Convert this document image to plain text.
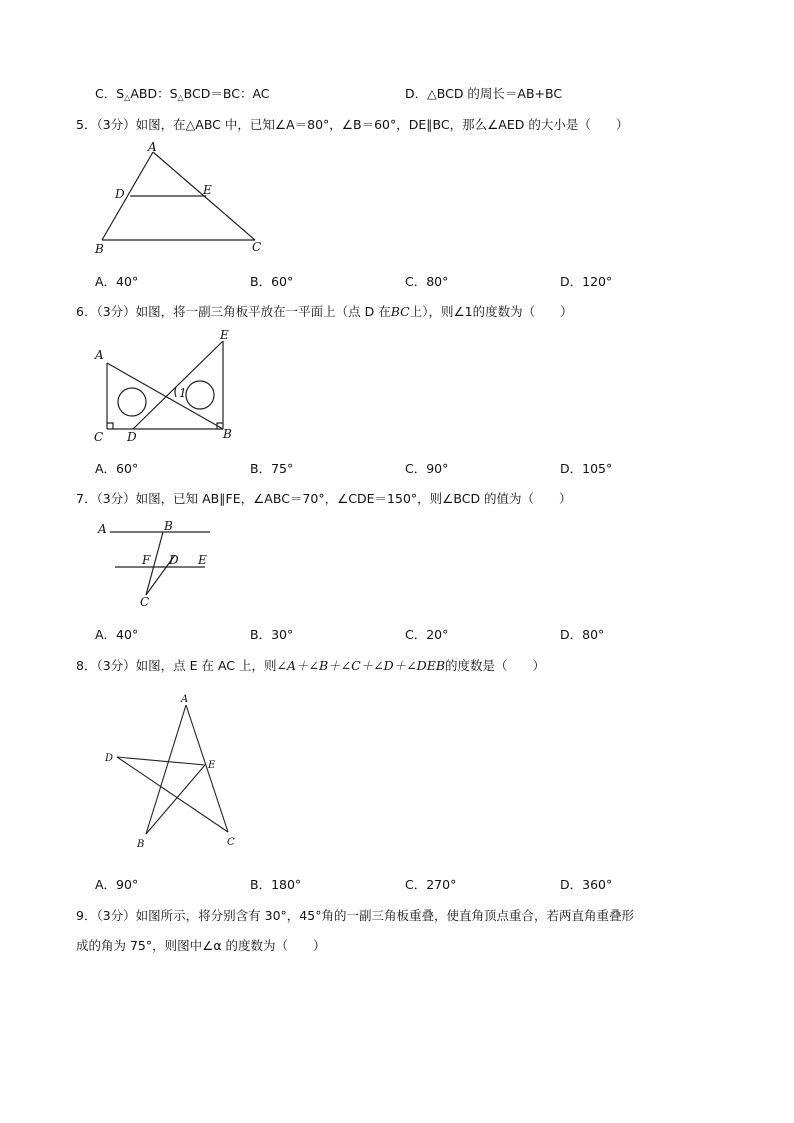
C．$S_\triangle ABD$：$S_\triangle BCD=BC$：AC	D．△BCD 的周长＝AB+BC
5．（3分）如图，在△ABC 中，已知∠A＝80°，∠B＝60°，DE∥BC，那么∠AED 的大小是（　　）
A
D	E
B	C
A．40°	B．60°	C．80°	D．120°
6．（3分）如图，将一副三角板平放在一平面上（点 D 在BC上），则∠1的度数为（　　）
A
E
1
C D	B
A．60°	B．75°	C．90°	D．105°
7．（3分）如图，已知 AB∥FE，∠ABC＝70°，∠CDE＝150°，则∠BCD 的值为（　　）
A	B
F D E
C
A．40°	B．30°	C．20°	D．80°
8．（3分）如图，点 E 在 AC 上，则∠A＋∠B＋∠C＋∠D＋∠DEB的度数是（　　）
A
D
E
B	C
A．90°	B．180°	C．270°	D．360°
9．（3分）如图所示，将分别含有 30°，45°角的一副三角板重叠，使直角顶点重合，若两直角重叠形
成的角为 75°，则图中∠α 的度数为（　　）
